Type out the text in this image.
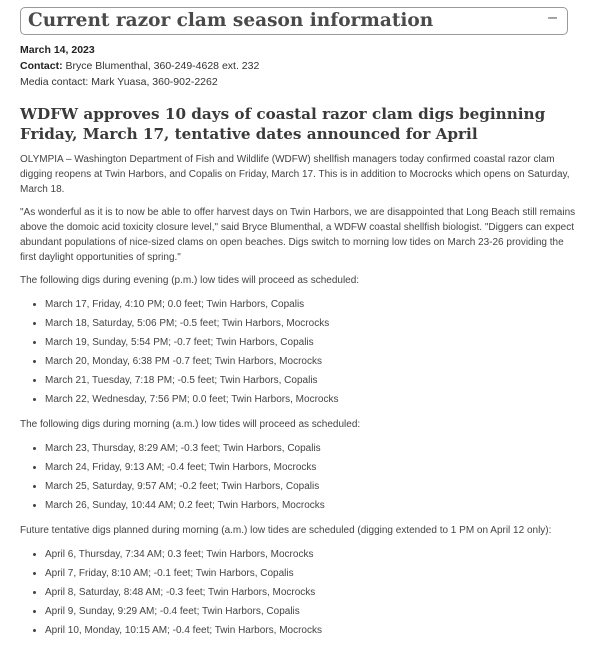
Current razor clam season information	–
March 14, 2023
Contact: Bryce Blumenthal, 360-249-4628 ext. 232
Media contact: Mark Yuasa, 360-902-2262
WDFW approves 10 days of coastal razor clam digs beginning Friday, March 17, tentative dates announced for April

OLYMPIA – Washington Department of Fish and Wildlife (WDFW) shellfish managers today confirmed coastal razor clam digging reopens at Twin Harbors, and Copalis on Friday, March 17. This is in addition to Mocrocks which opens on Saturday, March 18.

"As wonderful as it is to now be able to offer harvest days on Twin Harbors, we are disappointed that Long Beach still remains above the domoic acid toxicity closure level," said Bryce Blumenthal, a WDFW coastal shellfish biologist. "Diggers can expect abundant populations of nice-sized clams on open beaches. Digs switch to morning low tides on March 23-26 providing the first daylight opportunities of spring."

The following digs during evening (p.m.) low tides will proceed as scheduled:

• March 17, Friday, 4:10 PM; 0.0 feet; Twin Harbors, Copalis
• March 18, Saturday, 5:06 PM; -0.5 feet; Twin Harbors, Mocrocks
• March 19, Sunday, 5:54 PM; -0.7 feet; Twin Harbors, Copalis
• March 20, Monday, 6:38 PM -0.7 feet; Twin Harbors, Mocrocks
• March 21, Tuesday, 7:18 PM; -0.5 feet; Twin Harbors, Copalis
• March 22, Wednesday, 7:56 PM; 0.0 feet; Twin Harbors, Mocrocks

The following digs during morning (a.m.) low tides will proceed as scheduled:

• March 23, Thursday, 8:29 AM; -0.3 feet; Twin Harbors, Copalis
• March 24, Friday, 9:13 AM; -0.4 feet; Twin Harbors, Mocrocks
• March 25, Saturday, 9:57 AM; -0.2 feet; Twin Harbors, Copalis
• March 26, Sunday, 10:44 AM; 0.2 feet; Twin Harbors, Mocrocks

Future tentative digs planned during morning (a.m.) low tides are scheduled (digging extended to 1 PM on April 12 only):

• April 6, Thursday, 7:34 AM; 0.3 feet; Twin Harbors, Mocrocks
• April 7, Friday, 8:10 AM; -0.1 feet; Twin Harbors, Copalis
• April 8, Saturday, 8:48 AM; -0.3 feet; Twin Harbors, Mocrocks
• April 9, Sunday, 9:29 AM; -0.4 feet; Twin Harbors, Copalis
• April 10, Monday, 10:15 AM; -0.4 feet; Twin Harbors, Mocrocks
